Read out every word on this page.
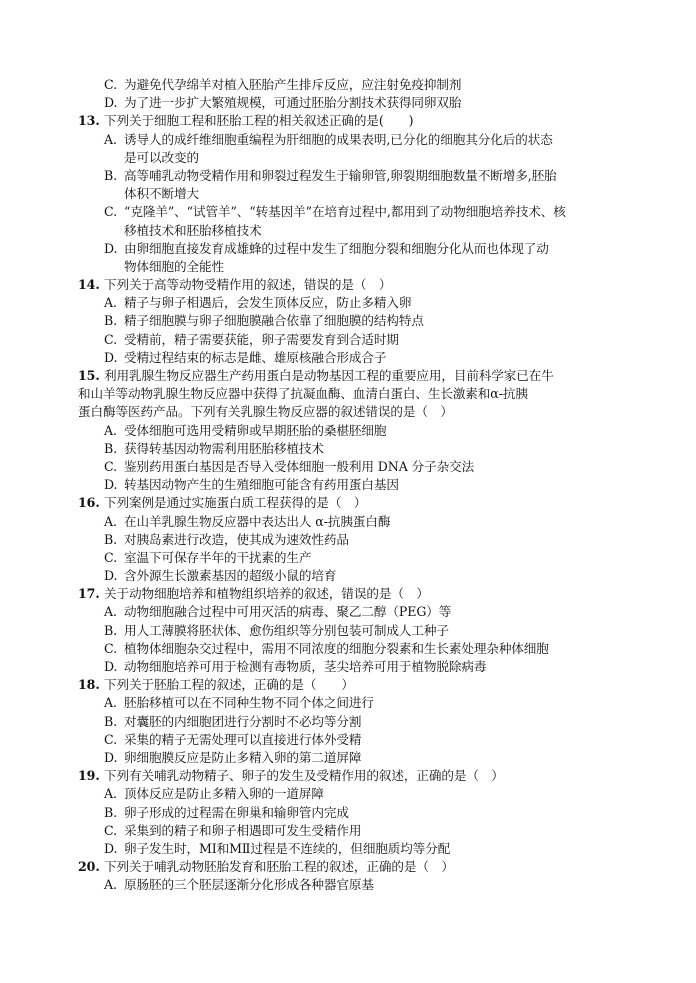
C. 为避免代孕绵羊对植入胚胎产生排斥反应，应注射免疫抑制剂
D. 为了进一步扩大繁殖规模，可通过胚胎分割技术获得同卵双胎
13. 下列关于细胞工程和胚胎工程的相关叙述正确的是(　　)
A. 诱导人的成纤维细胞重编程为肝细胞的成果表明,已分化的细胞其分化后的状态
是可以改变的
B. 高等哺乳动物受精作用和卵裂过程发生于输卵管,卵裂期细胞数量不断增多,胚胎
体积不断增大
C. “克隆羊”、“试管羊”、“转基因羊”在培育过程中,都用到了动物细胞培养技术、核
移植技术和胚胎移植技术
D. 由卵细胞直接发育成雄蜂的过程中发生了细胞分裂和细胞分化从而也体现了动
物体细胞的全能性
14. 下列关于高等动物受精作用的叙述，错误的是（　）
A. 精子与卵子相遇后，会发生顶体反应，防止多精入卵
B. 精子细胞膜与卵子细胞膜融合依靠了细胞膜的结构特点
C. 受精前，精子需要获能，卵子需要发育到合适时期
D. 受精过程结束的标志是雌、雄原核融合形成合子
15. 利用乳腺生物反应器生产药用蛋白是动物基因工程的重要应用，目前科学家已在牛
和山羊等动物乳腺生物反应器中获得了抗凝血酶、血清白蛋白、生长激素和α-抗胰
蛋白酶等医药产品。下列有关乳腺生物反应器的叙述错误的是（　）
A. 受体细胞可选用受精卵或早期胚胎的桑椹胚细胞
B. 获得转基因动物需利用胚胎移植技术
C. 鉴别药用蛋白基因是否导入受体细胞一般利用 DNA 分子杂交法
D. 转基因动物产生的生殖细胞可能含有药用蛋白基因
16. 下列案例是通过实施蛋白质工程获得的是（　）
A. 在山羊乳腺生物反应器中表达出人 α-抗胰蛋白酶
B. 对胰岛素进行改造，使其成为速效性药品
C. 室温下可保存半年的干扰素的生产
D. 含外源生长激素基因的超级小鼠的培育
17. 关于动物细胞培养和植物组织培养的叙述，错误的是（　）
A. 动物细胞融合过程中可用灭活的病毒、聚乙二醇（PEG）等
B. 用人工薄膜将胚状体、愈伤组织等分别包装可制成人工种子
C. 植物体细胞杂交过程中，需用不同浓度的细胞分裂素和生长素处理杂种体细胞
D. 动物细胞培养可用于检测有毒物质，茎尖培养可用于植物脱除病毒
18. 下列关于胚胎工程的叙述，正确的是（　　）
A. 胚胎移植可以在不同种生物不同个体之间进行
B. 对囊胚的内细胞团进行分割时不必均等分割
C. 采集的精子无需处理可以直接进行体外受精
D. 卵细胞膜反应是防止多精入卵的第二道屏障
19. 下列有关哺乳动物精子、卵子的发生及受精作用的叙述，正确的是（　）
A. 顶体反应是防止多精入卵的一道屏障
B. 卵子形成的过程需在卵巢和输卵管内完成
C. 采集到的精子和卵子相遇即可发生受精作用
D. 卵子发生时，MⅠ和MⅡ过程是不连续的，但细胞质均等分配
20. 下列关于哺乳动物胚胎发育和胚胎工程的叙述，正确的是（　）
A. 原肠胚的三个胚层逐渐分化形成各种器官原基
